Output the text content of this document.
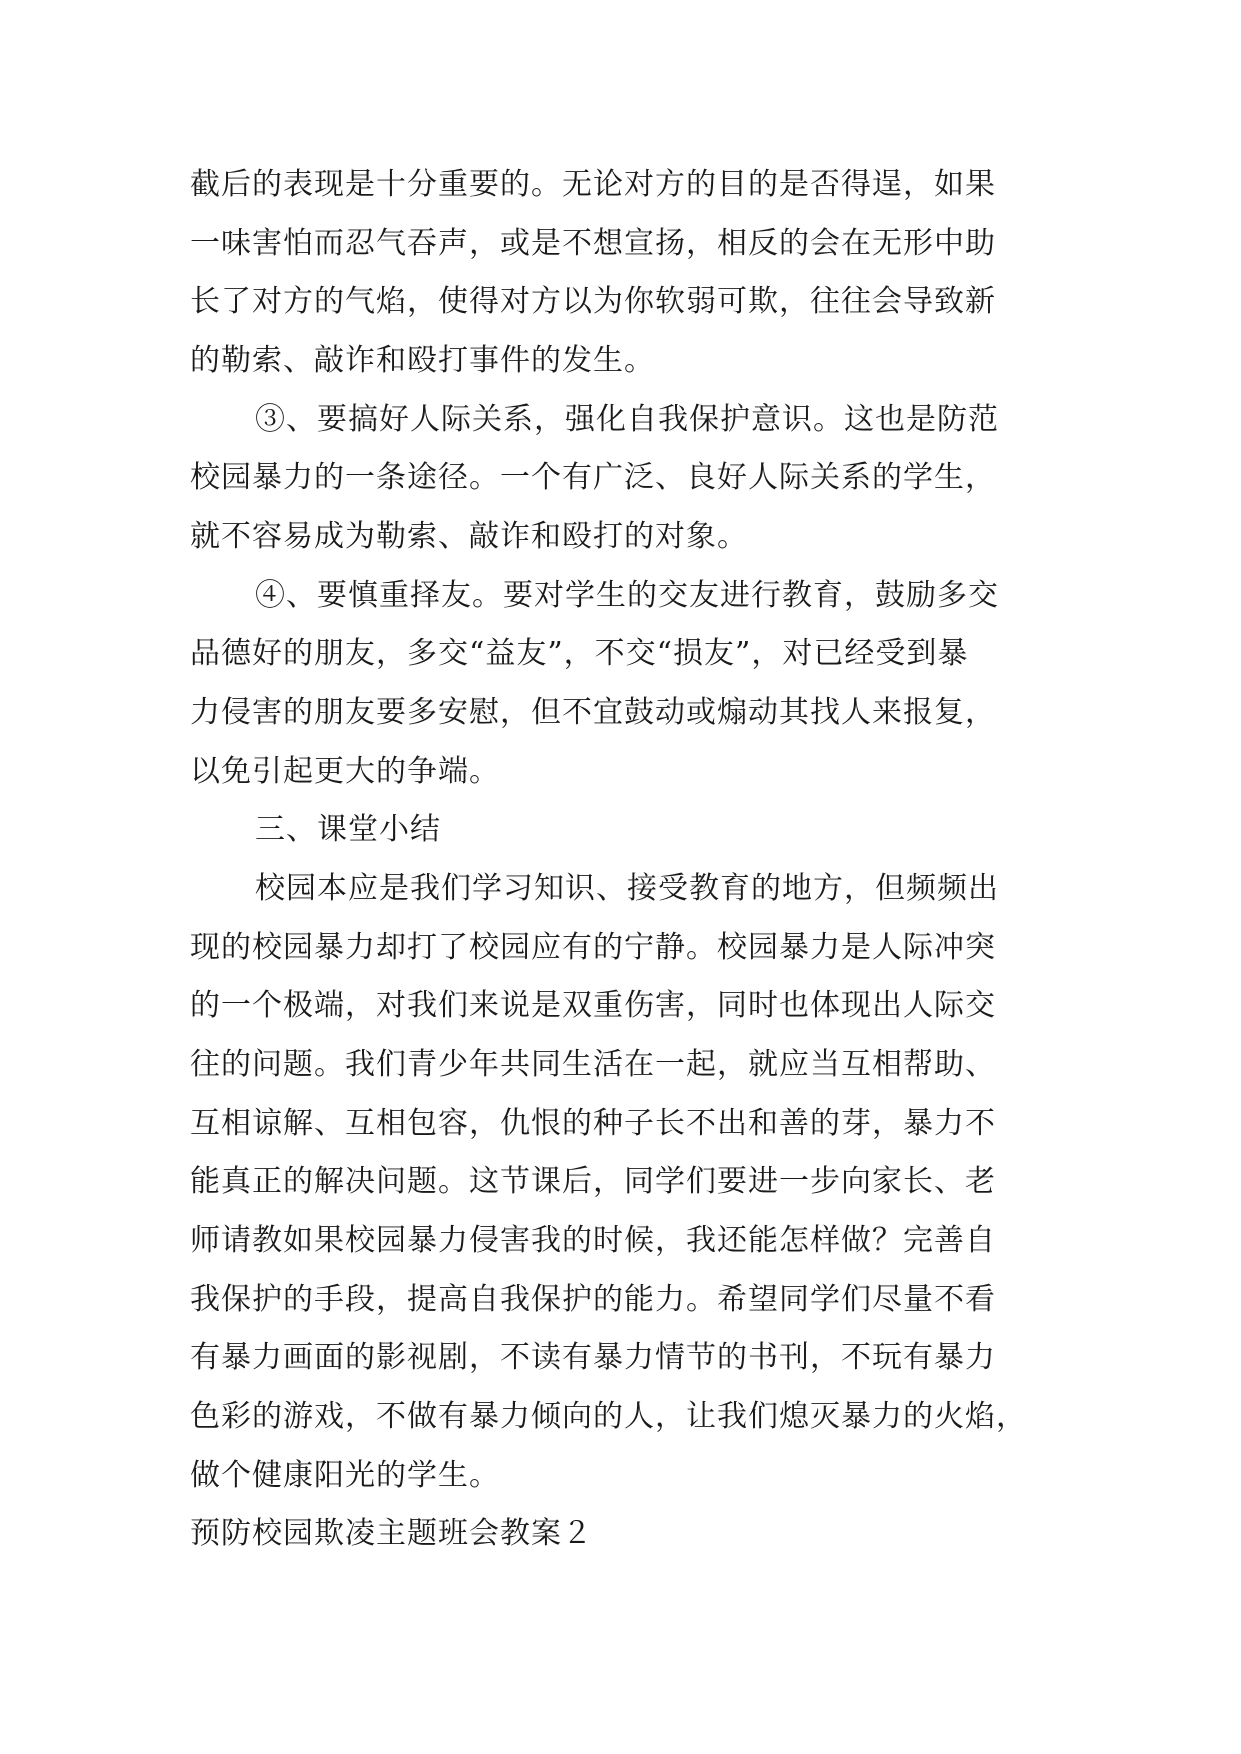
截后的表现是十分重要的。无论对方的目的是否得逞，如果
一味害怕而忍气吞声，或是不想宣扬，相反的会在无形中助
长了对方的气焰，使得对方以为你软弱可欺，往往会导致新
的勒索、敲诈和殴打事件的发生。
③、要搞好人际关系，强化自我保护意识。这也是防范
校园暴力的一条途径。一个有广泛、良好人际关系的学生，
就不容易成为勒索、敲诈和殴打的对象。
④、要慎重择友。要对学生的交友进行教育，鼓励多交
品德好的朋友，多交“益友”，不交“损友”，对已经受到暴
力侵害的朋友要多安慰，但不宜鼓动或煽动其找人来报复，
以免引起更大的争端。
三、课堂小结
校园本应是我们学习知识、接受教育的地方，但频频出
现的校园暴力却打了校园应有的宁静。校园暴力是人际冲突
的一个极端，对我们来说是双重伤害，同时也体现出人际交
往的问题。我们青少年共同生活在一起，就应当互相帮助、
互相谅解、互相包容，仇恨的种子长不出和善的芽，暴力不
能真正的解决问题。这节课后，同学们要进一步向家长、老
师请教如果校园暴力侵害我的时候，我还能怎样做？完善自
我保护的手段，提高自我保护的能力。希望同学们尽量不看
有暴力画面的影视剧，不读有暴力情节的书刊，不玩有暴力
色彩的游戏，不做有暴力倾向的人，让我们熄灭暴力的火焰，
做个健康阳光的学生。
预防校园欺凌主题班会教案２
